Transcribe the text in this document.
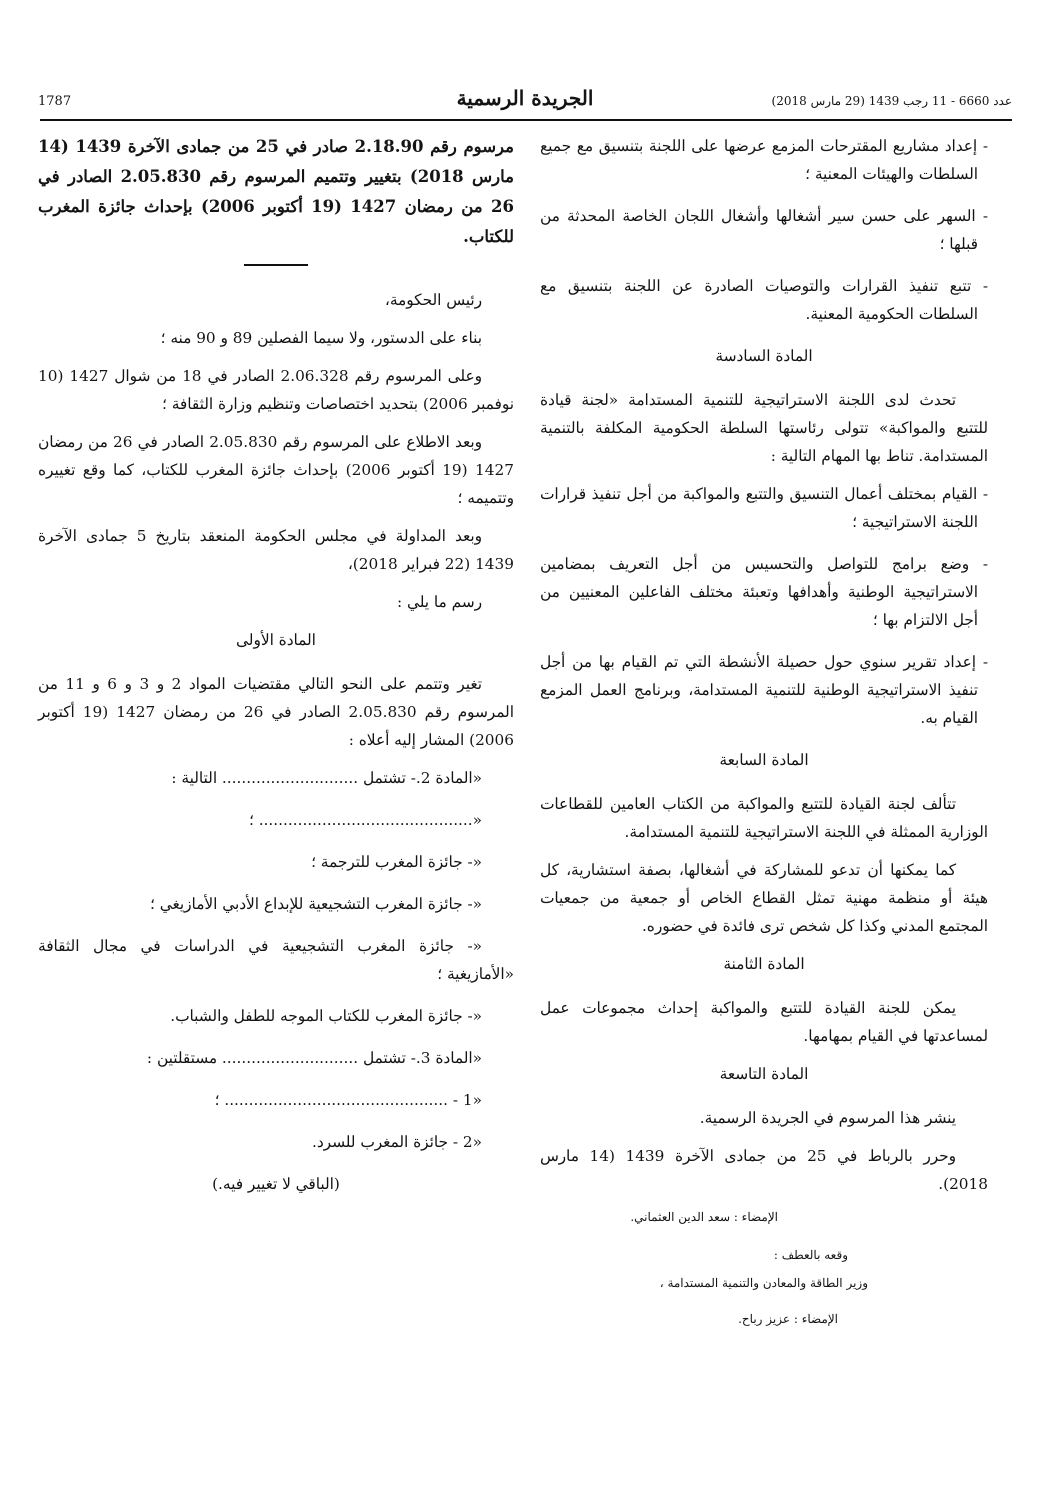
1787	الجريدة الرسمية	عدد 6660 - 11 رجب 1439 (29 مارس 2018)

- إعداد مشاريع المقترحات المزمع عرضها على اللجنة بتنسيق مع جميع السلطات والهيئات المعنية ؛

- السهر على حسن سير أشغالها وأشغال اللجان الخاصة المحدثة من قبلها ؛

- تتبع تنفيذ القرارات والتوصيات الصادرة عن اللجنة بتنسيق مع السلطات الحكومية المعنية.

المادة السادسة

تحدث لدى اللجنة الاستراتيجية للتنمية المستدامة «لجنة قيادة للتتبع والمواكبة» تتولى رئاستها السلطة الحكومية المكلفة بالتنمية المستدامة. تناط بها المهام التالية :

- القيام بمختلف أعمال التنسيق والتتبع والمواكبة من أجل تنفيذ قرارات اللجنة الاستراتيجية ؛

- وضع برامج للتواصل والتحسيس من أجل التعريف بمضامين الاستراتيجية الوطنية وأهدافها وتعبئة مختلف الفاعلين المعنيين من أجل الالتزام بها ؛

- إعداد تقرير سنوي حول حصيلة الأنشطة التي تم القيام بها من أجل تنفيذ الاستراتيجية الوطنية للتنمية المستدامة، وبرنامج العمل المزمع القيام به.

المادة السابعة

تتألف لجنة القيادة للتتبع والمواكبة من الكتاب العامين للقطاعات الوزارية الممثلة في اللجنة الاستراتيجية للتنمية المستدامة.

كما يمكنها أن تدعو للمشاركة في أشغالها، بصفة استشارية، كل هيئة أو منظمة مهنية تمثل القطاع الخاص أو جمعية من جمعيات المجتمع المدني وكذا كل شخص ترى فائدة في حضوره.

المادة الثامنة

يمكن للجنة القيادة للتتبع والمواكبة إحداث مجموعات عمل لمساعدتها في القيام بمهامها.

المادة التاسعة

ينشر هذا المرسوم في الجريدة الرسمية.

وحرر بالرباط في 25 من جمادى الآخرة 1439 (14 مارس 2018).

الإمضاء : سعد الدين العثماني.

وقعه بالعطف :

وزير الطاقة والمعادن والتنمية المستدامة ،

الإمضاء : عزيز رباح.

مرسوم رقم 2.18.90 صادر في 25 من جمادى الآخرة 1439 (14 مارس 2018) بتغيير وتتميم المرسوم رقم 2.05.830 الصادر في 26 من رمضان 1427 (19 أكتوبر 2006) بإحداث جائزة المغرب للكتاب.

رئيس الحكومة،

بناء على الدستور، ولا سيما الفصلين 89 و 90 منه ؛

وعلى المرسوم رقم 2.06.328 الصادر في 18 من شوال 1427 (10 نوفمبر 2006) بتحديد اختصاصات وتنظيم وزارة الثقافة ؛

وبعد الاطلاع على المرسوم رقم 2.05.830 الصادر في 26 من رمضان 1427 (19 أكتوبر 2006) بإحداث جائزة المغرب للكتاب، كما وقع تغييره وتتميمه ؛

وبعد المداولة في مجلس الحكومة المنعقد بتاريخ 5 جمادى الآخرة 1439 (22 فبراير 2018)،

رسم ما يلي :

المادة الأولى

تغير وتتمم على النحو التالي مقتضيات المواد 2 و 3 و 6 و 11 من المرسوم رقم 2.05.830 الصادر في 26 من رمضان 1427 (19 أكتوبر 2006) المشار إليه أعلاه :

«المادة 2.- تشتمل ............................ التالية :

«............................................ ؛

«- جائزة المغرب للترجمة ؛

«- جائزة المغرب التشجيعية للإبداع الأدبي الأمازيغي ؛

«- جائزة المغرب التشجيعية في الدراسات في مجال الثقافة «الأمازيغية ؛

«- جائزة المغرب للكتاب الموجه للطفل والشباب.

«المادة 3.- تشتمل ............................ مستقلتين :

«1 - .............................................. ؛

«2 - جائزة المغرب للسرد.

(الباقي لا تغيير فيه.)
